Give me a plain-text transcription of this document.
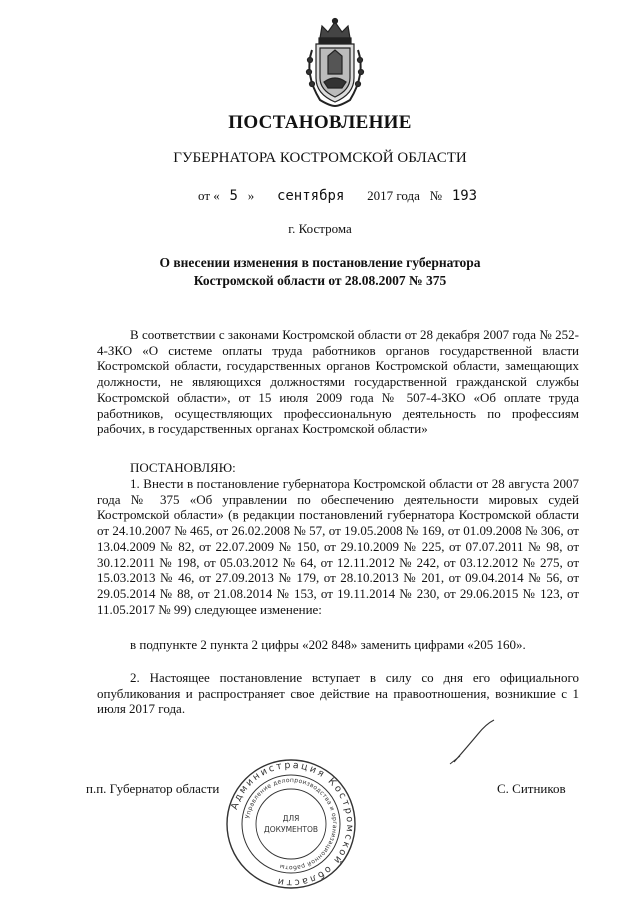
ПОСТАНОВЛЕНИЕ
ГУБЕРНАТОРА КОСТРОМСКОЙ ОБЛАСТИ
от « 5 » сентября 2017 года № 193
г. Кострома
О внесении изменения в постановление губернатора
Костромской области от 28.08.2007 № 375
В соответствии с законами Костромской области от 28 декабря 2007 года № 252-4-ЗКО «О системе оплаты труда работников органов государственной власти Костромской области, государственных органов Костромской области, замещающих должности, не являющихся должностями государственной гражданской службы Костромской области», от 15 июля 2009 года № 507-4-ЗКО «Об оплате труда работников, осуществляющих профессиональную деятельность по профессиям рабочих, в государственных органах Костромской области»
ПОСТАНОВЛЯЮ:
1. Внести в постановление губернатора Костромской области от 28 августа 2007 года № 375 «Об управлении по обеспечению деятельности мировых судей Костромской области» (в редакции постановлений губернатора Костромской области от 24.10.2007 № 465, от 26.02.2008 № 57, от 19.05.2008 № 169, от 01.09.2008 № 306, от 13.04.2009 № 82, от 22.07.2009 № 150, от 29.10.2009 № 225, от 07.07.2011 № 98, от 30.12.2011 № 198, от 05.03.2012 № 64, от 12.11.2012 № 242, от 03.12.2012 № 275, от 15.03.2013 № 46, от 27.09.2013 № 179, от 28.10.2013 № 201, от 09.04.2014 № 56, от 29.05.2014 № 88, от 21.08.2014 № 153, от 19.11.2014 № 230, от 29.06.2015 № 123, от 11.05.2017 № 99) следующее изменение:
в подпункте 2 пункта 2 цифры «202 848» заменить цифрами «205 160».
2. Настоящее постановление вступает в силу со дня его официального опубликования и распространяет свое действие на правоотношения, возникшие с 1 июля 2017 года.
п.п. Губернатор области	С. Ситников
Администрация Костромской области
Управление делопроизводства и организационной работы
ДЛЯ
ДОКУМЕНТОВ
